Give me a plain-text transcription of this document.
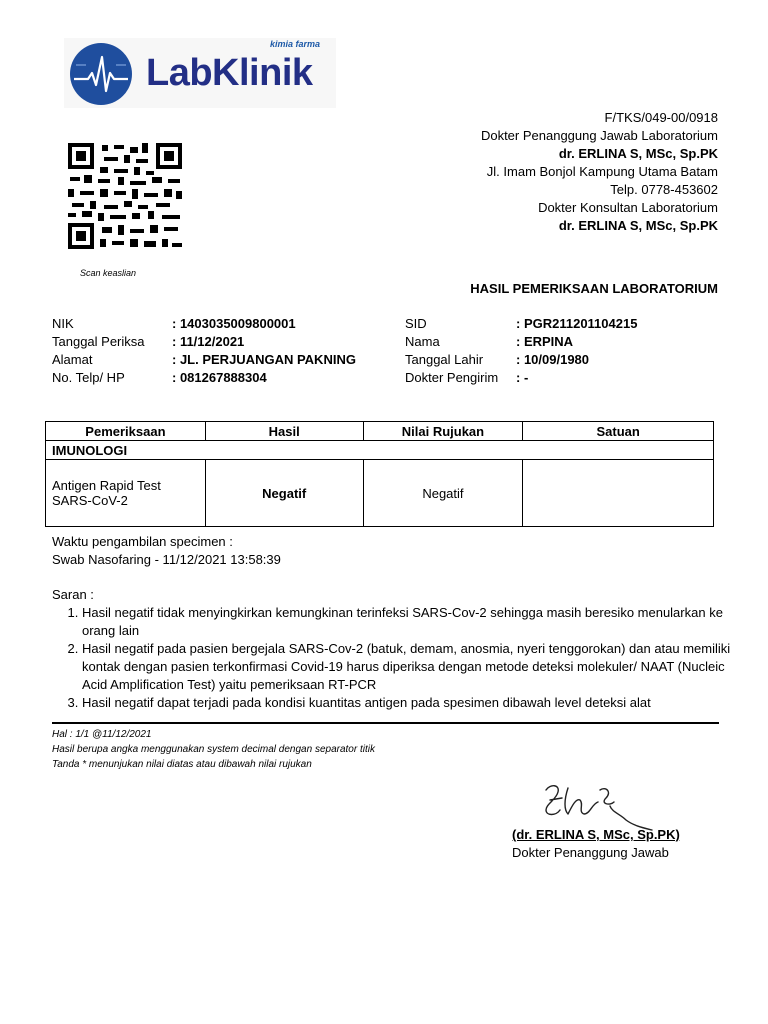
kimia farma
LabKlinik
F/TKS/049-00/0918
Dokter Penanggung Jawab Laboratorium
dr. ERLINA S, MSc, Sp.PK
Jl. Imam Bonjol Kampung Utama Batam
Telp. 0778-453602
Dokter Konsultan Laboratorium
dr. ERLINA S, MSc, Sp.PK
Scan keaslian
HASIL PEMERIKSAAN LABORATORIUM
NIK	: 1403035009800001
Tanggal Periksa : 11/12/2021
Alamat	: JL. PERJUANGAN PAKNING
No. Telp/ HP	: 081267888304
SID	: PGR211201104215
Nama	: ERPINA
Tanggal Lahir	: 10/09/1980
Dokter Pengirim : -
Pemeriksaan	Hasil	Nilai Rujukan	Satuan
IMUNOLOGI			

Antigen Rapid Test
SARS-CoV-2	Negatif	Negatif	
Waktu pengambilan specimen :
Swab Nasofaring - 11/12/2021 13:58:39
Saran :
1. Hasil negatif tidak menyingkirkan kemungkinan terinfeksi SARS-Cov-2 sehingga masih beresiko menularkan ke orang lain
2. Hasil negatif pada pasien bergejala SARS-Cov-2 (batuk, demam, anosmia, nyeri tenggorokan) dan atau memiliki kontak dengan pasien terkonfirmasi Covid-19 harus diperiksa dengan metode deteksi molekuler/ NAAT (Nucleic Acid Amplification Test) yaitu pemeriksaan RT-PCR
3. Hasil negatif dapat terjadi pada kondisi kuantitas antigen pada spesimen dibawah level deteksi alat
Hal : 1/1 @11/12/2021
Hasil berupa angka menggunakan system decimal dengan separator titik
Tanda * menunjukan nilai diatas atau dibawah nilai rujukan
(dr. ERLINA S, MSc, Sp.PK)
Dokter Penanggung Jawab
